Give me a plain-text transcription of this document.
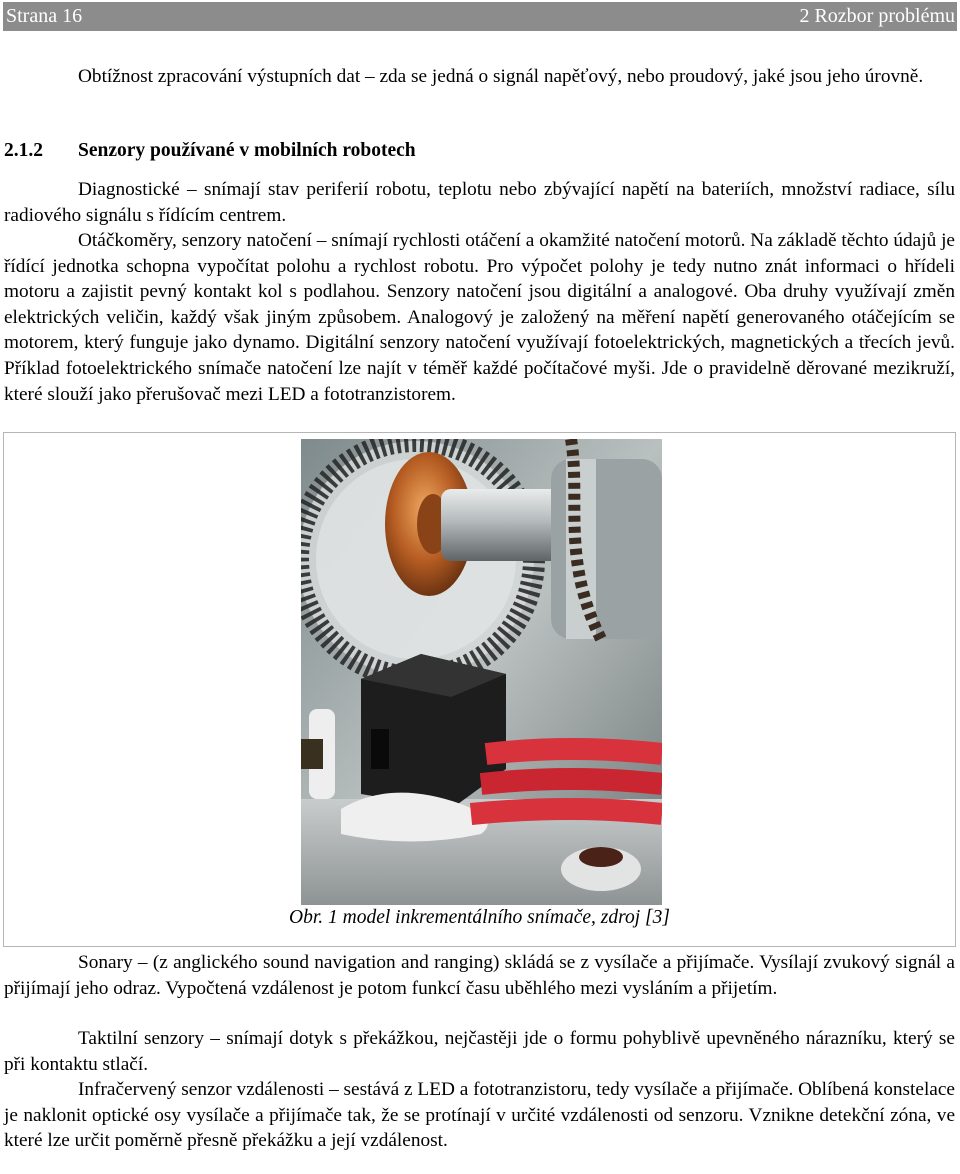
Strana 16	2 Rozbor problému

Obtížnost zpracování výstupních dat – zda se jedná o signál napěťový, nebo proudový, jaké jsou jeho úrovně.

2.1.2 Senzory používané v mobilních robotech

Diagnostické – snímají stav periferií robotu, teplotu nebo zbývající napětí na bateriích, množství radiace, sílu radiového signálu s řídícím centrem.

Otáčkoměry, senzory natočení – snímají rychlosti otáčení a okamžité natočení motorů. Na základě těchto údajů je řídící jednotka schopna vypočítat polohu a rychlost robotu. Pro výpočet polohy je tedy nutno znát informaci o hřídeli motoru a zajistit pevný kontakt kol s podlahou. Senzory natočení jsou digitální a analogové. Oba druhy využívají změn elektrických veličin, každý však jiným způsobem. Analogový je založený na měření napětí generovaného otáčejícím se motorem, který funguje jako dynamo. Digitální senzory natočení využívají fotoelektrických, magnetických a třecích jevů. Příklad fotoelektrického snímače natočení lze najít v téměř každé počítačové myši. Jde o pravidelně děrované mezikruží, které slouží jako přerušovač mezi LED a fototranzistorem.

Obr. 1 model inkrementálního snímače, zdroj [3]

Sonary – (z anglického sound navigation and ranging) skládá se z vysílače a přijímače. Vysílají zvukový signál a přijímají jeho odraz. Vypočtená vzdálenost je potom funkcí času uběhlého mezi vysláním a přijetím.

Taktilní senzory – snímají dotyk s překážkou, nejčastěji jde o formu pohyblivě upevněného nárazníku, který se při kontaktu stlačí.

Infračervený senzor vzdálenosti – sestává z LED a fototranzistoru, tedy vysílače a přijímače. Oblíbená konstelace je naklonit optické osy vysílače a přijímače tak, že se protínají v určité vzdálenosti od senzoru. Vznikne detekční zóna, ve které lze určit poměrně přesně překážku a její vzdálenost.
